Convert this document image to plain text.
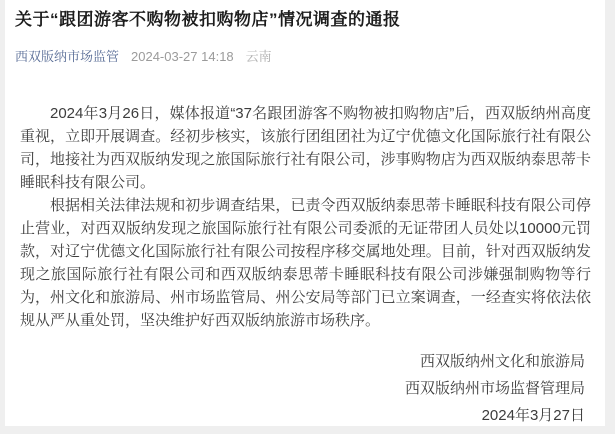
关于“跟团游客不购物被扣购物店”情况调查的通报
西双版纳市场监管 2024-03-27 14:18 云南

2024年3月26日，媒体报道“37名跟团游客不购物被扣购物店”后，西双版纳州高度重视，立即开展调查。经初步核实，该旅行团组团社为辽宁优德文化国际旅行社有限公司，地接社为西双版纳发现之旅国际旅行社有限公司，涉事购物店为西双版纳泰思蒂卡睡眠科技有限公司。

根据相关法律法规和初步调查结果，已责令西双版纳泰思蒂卡睡眠科技有限公司停止营业，对西双版纳发现之旅国际旅行社有限公司委派的无证带团人员处以10000元罚款，对辽宁优德文化国际旅行社有限公司按程序移交属地处理。目前，针对西双版纳发现之旅国际旅行社有限公司和西双版纳泰思蒂卡睡眠科技有限公司涉嫌强制购物等行为，州文化和旅游局、州市场监管局、州公安局等部门已立案调查，一经查实将依法依规从严从重处罚，坚决维护好西双版纳旅游市场秩序。

西双版纳州文化和旅游局
西双版纳州市场监督管理局
2024年3月27日
